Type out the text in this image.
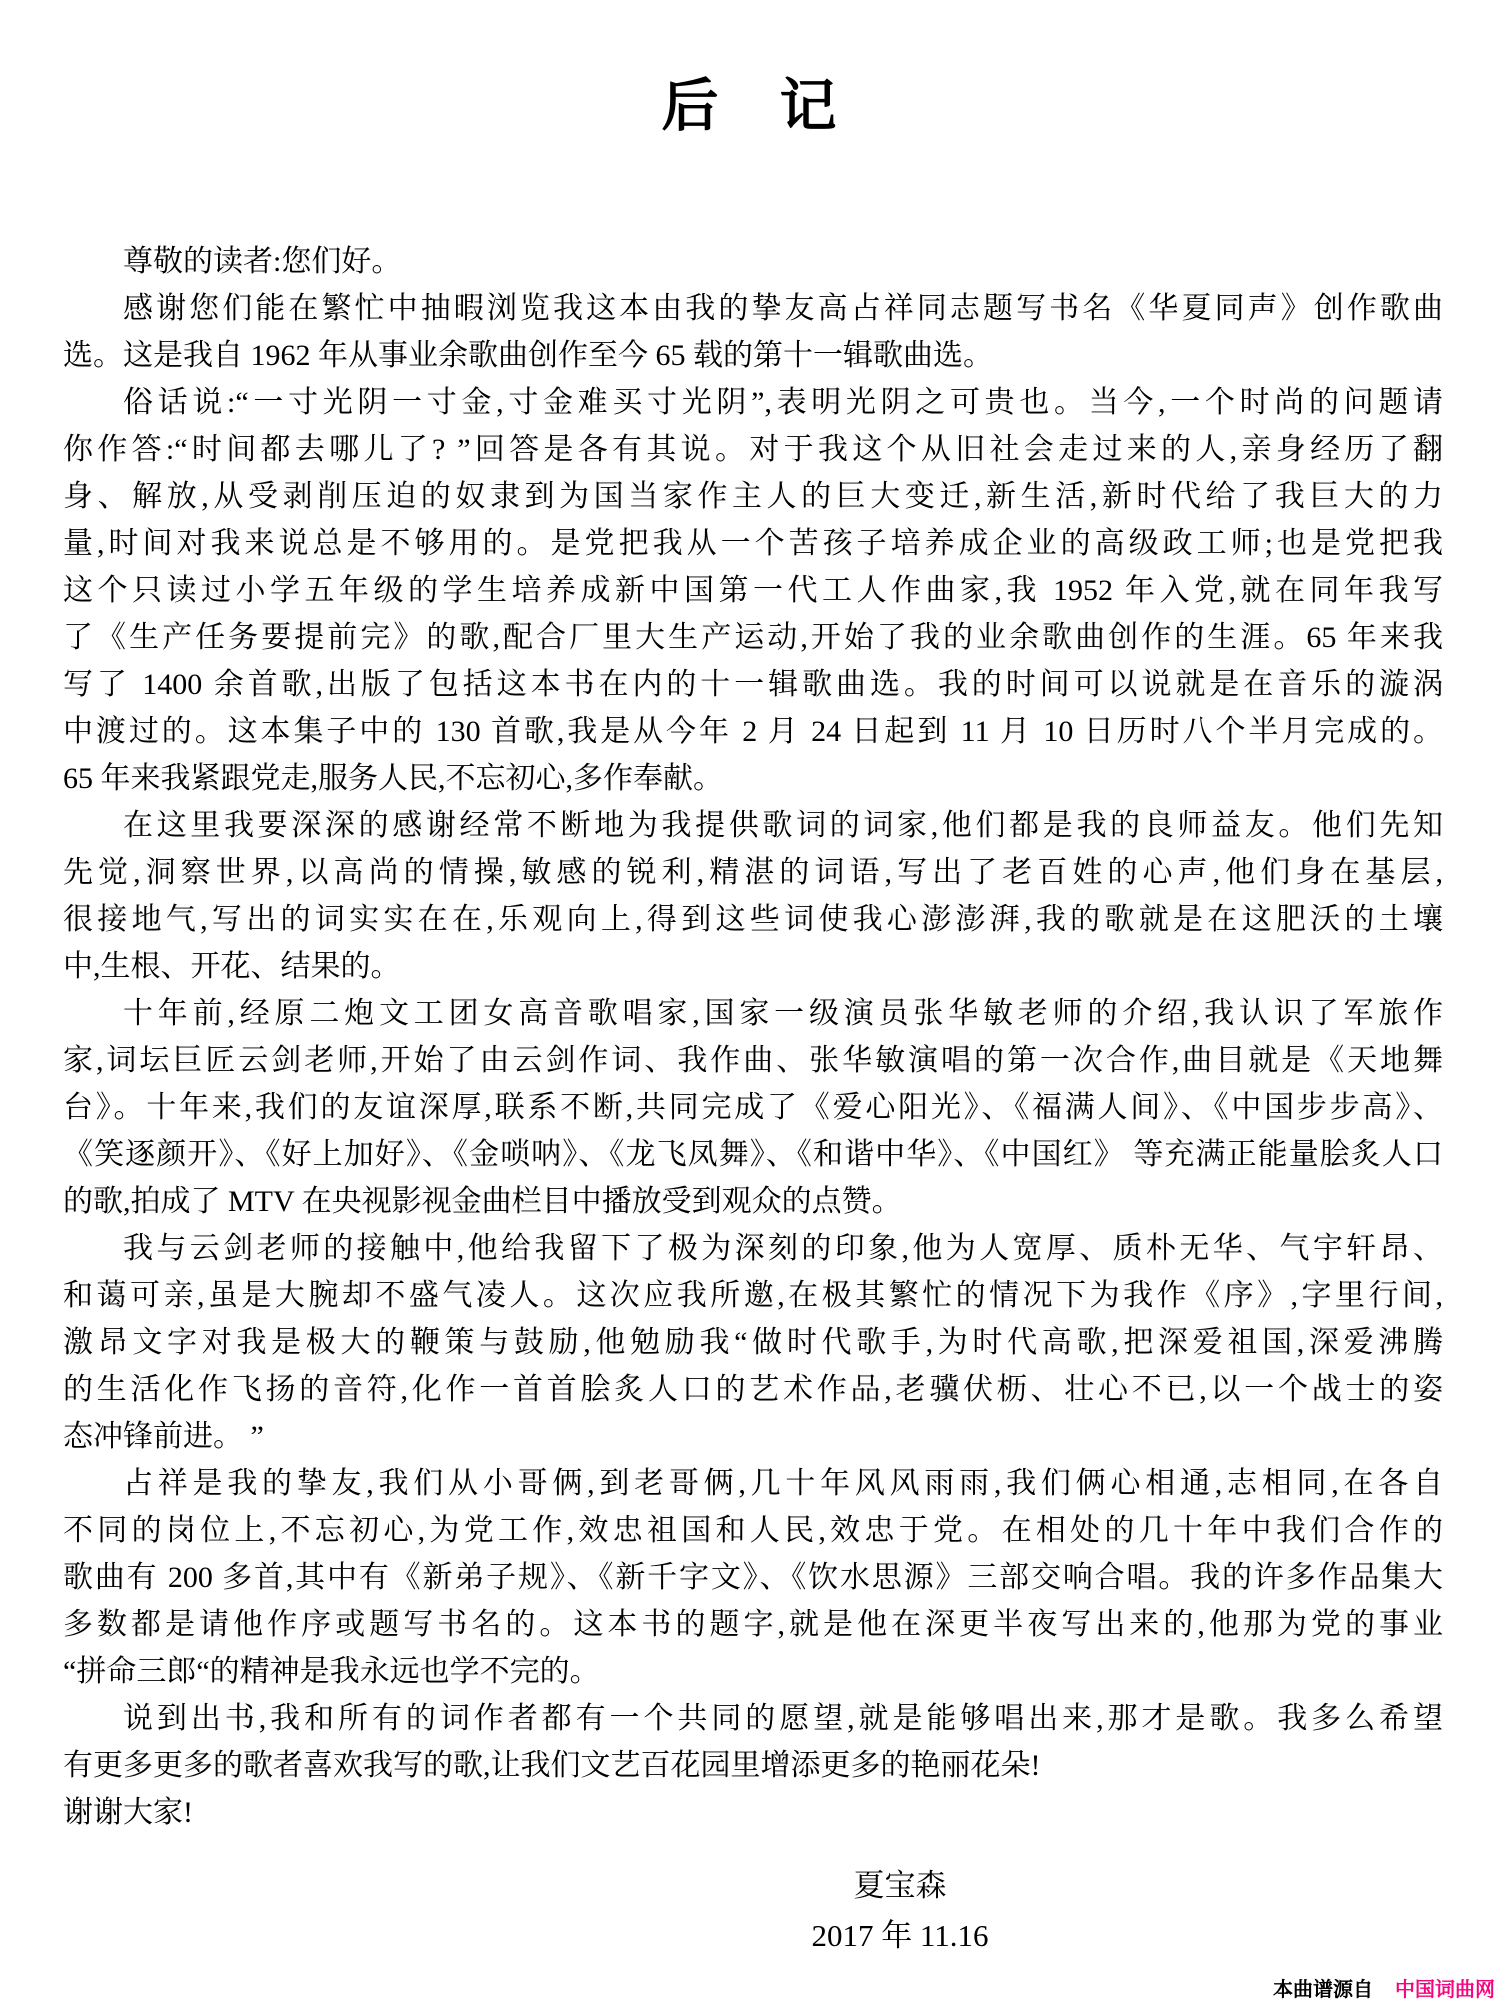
后　记
尊敬的读者:您们好。
感谢您们能在繁忙中抽暇浏览我这本由我的挚友高占祥同志题写书名《华夏同声》创作歌曲
选。这是我自 1962 年从事业余歌曲创作至今 65 载的第十一辑歌曲选。
俗话说:“一寸光阴一寸金,寸金难买寸光阴”,表明光阴之可贵也。当今,一个时尚的问题请
你作答:“时间都去哪儿了? ”回答是各有其说。对于我这个从旧社会走过来的人,亲身经历了翻
身、解放,从受剥削压迫的奴隶到为国当家作主人的巨大变迁,新生活,新时代给了我巨大的力
量,时间对我来说总是不够用的。是党把我从一个苦孩子培养成企业的高级政工师;也是党把我
这个只读过小学五年级的学生培养成新中国第一代工人作曲家,我 1952 年入党,就在同年我写
了《生产任务要提前完》的歌,配合厂里大生产运动,开始了我的业余歌曲创作的生涯。65 年来我
写了 1400 余首歌,出版了包括这本书在内的十一辑歌曲选。我的时间可以说就是在音乐的漩涡
中渡过的。这本集子中的 130 首歌,我是从今年 2 月 24 日起到 11 月 10 日历时八个半月完成的。
65 年来我紧跟党走,服务人民,不忘初心,多作奉献。
在这里我要深深的感谢经常不断地为我提供歌词的词家,他们都是我的良师益友。他们先知
先觉,洞察世界,以高尚的情操,敏感的锐利,精湛的词语,写出了老百姓的心声,他们身在基层,
很接地气,写出的词实实在在,乐观向上,得到这些词使我心澎澎湃,我的歌就是在这肥沃的土壤
中,生根、开花、结果的。
十年前,经原二炮文工团女高音歌唱家,国家一级演员张华敏老师的介绍,我认识了军旅作
家,词坛巨匠云剑老师,开始了由云剑作词、我作曲、张华敏演唱的第一次合作,曲目就是《天地舞
台》。十年来,我们的友谊深厚,联系不断,共同完成了《爱心阳光》、《福满人间》、《中国步步高》、
《笑逐颜开》、《好上加好》、《金唢呐》、《龙飞凤舞》、《和谐中华》、《中国红》 等充满正能量脍炙人口
的歌,拍成了 MTV 在央视影视金曲栏目中播放受到观众的点赞。
我与云剑老师的接触中,他给我留下了极为深刻的印象,他为人宽厚、质朴无华、气宇轩昂、
和蔼可亲,虽是大腕却不盛气凌人。这次应我所邀,在极其繁忙的情况下为我作《序》,字里行间,
激昂文字对我是极大的鞭策与鼓励,他勉励我“做时代歌手,为时代高歌,把深爱祖国,深爱沸腾
的生活化作飞扬的音符,化作一首首脍炙人口的艺术作品,老骥伏枥、壮心不已,以一个战士的姿
态冲锋前进。 ”
占祥是我的挚友,我们从小哥俩,到老哥俩,几十年风风雨雨,我们俩心相通,志相同,在各自
不同的岗位上,不忘初心,为党工作,效忠祖国和人民,效忠于党。在相处的几十年中我们合作的
歌曲有 200 多首,其中有《新弟子规》、《新千字文》、《饮水思源》三部交响合唱。我的许多作品集大
多数都是请他作序或题写书名的。这本书的题字,就是他在深更半夜写出来的,他那为党的事业
“拼命三郎“的精神是我永远也学不完的。
说到出书,我和所有的词作者都有一个共同的愿望,就是能够唱出来,那才是歌。我多么希望
有更多更多的歌者喜欢我写的歌,让我们文艺百花园里增添更多的艳丽花朵!
谢谢大家!
夏宝森
2017 年 11.16
本曲谱源自 中国词曲网
